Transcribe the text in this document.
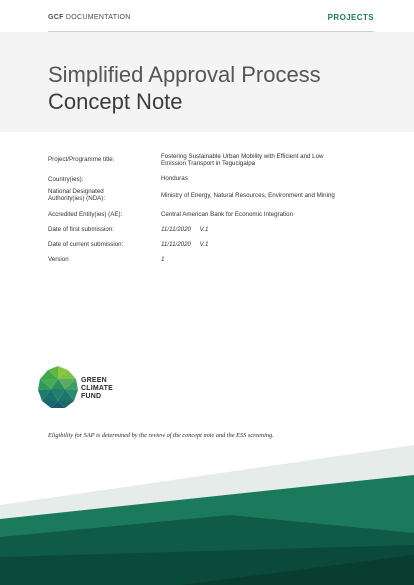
GCF DOCUMENTATION	PROJECTS
Simplified Approval Process
Concept Note
Project/Programme title:	Fostering Sustainable Urban Mobility with Efficient and Low Emission Transport in Tegucigalpa
Country(ies):	Honduras
National Designated Authority(ies) (NDA):	Ministry of Energy, Natural Resources, Environment and Mining
Accredited Entity(ies) (AE):	Central American Bank for Economic Integration
Date of first submission:	11/11/2020     V.1
Date of current submission:	11/11/2020     V.1
Version	1
GREEN
CLIMATE
FUND

Eligibility for SAP is determined by the review of the concept note and the ESS screening.
